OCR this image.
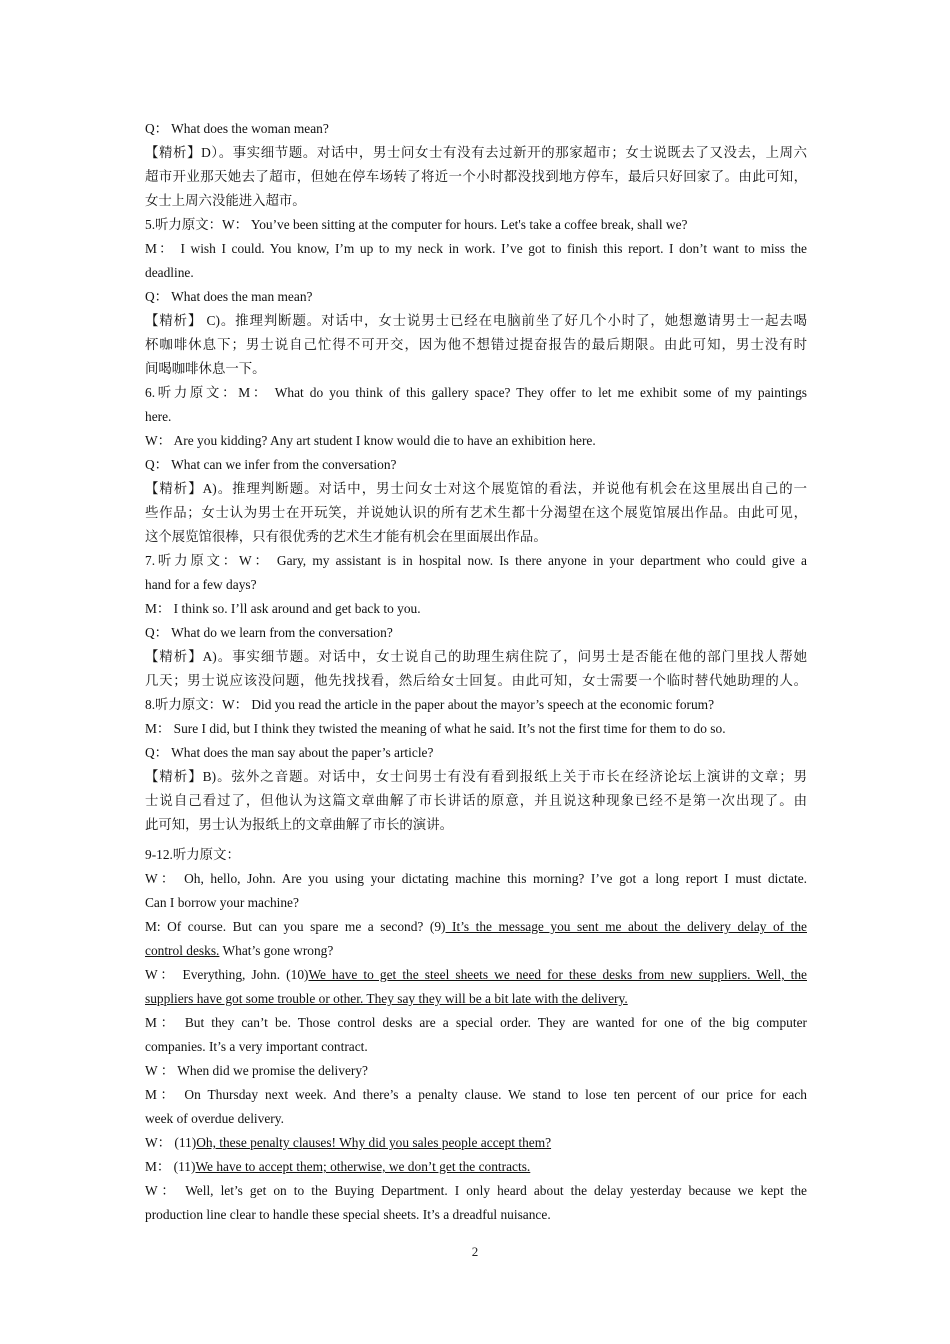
Q： What does the woman mean?
【精析】D）。事实细节题。对话中，男士问女士有没有去过新开的那家超市；女士说既去了又没去，上周六
超市开业那天她去了超市，但她在停车场转了将近一个小时都没找到地方停车，最后只好回家了。由此可知，
女士上周六没能进入超市。
5.听力原文：W： You’ve been sitting at the computer for hours. Let's take a coffee break, shall we?
M： I wish I could. You know, I’m up to my neck in work. I’ve got to finish this report. I don’t want to miss the
deadline.
Q： What does the man mean?
【精析】 C)。推理判断题。对话中，女士说男士已经在电脑前坐了好几个小时了，她想邀请男士一起去喝
杯咖啡休息下；男士说自己忙得不可开交，因为他不想错过提奋报告的最后期限。由此可知，男士没有时
间喝咖啡休息一下。
6.听力原文：M： What do you think of this gallery space? They offer to let me exhibit some of my paintings
here.
W： Are you kidding? Any art student I know would die to have an exhibition here.
Q： What can we infer from the conversation?
【精析】A)。推理判断题。对话中，男士问女士对这个展览馆的看法，并说他有机会在这里展出自己的一
些作品；女士认为男士在开玩笑，并说她认识的所有艺术生都十分渴望在这个展览馆展出作品。由此可见，
这个展览馆很棒，只有很优秀的艺术生才能有机会在里面展出作品。
7.听力原文：W： Gary, my assistant is in hospital now. Is there anyone in your department who could give a
hand for a few days?
M： I think so. I’ll ask around and get back to you.
Q： What do we learn from the conversation?
【精析】A)。事实细节题。对话中，女士说自己的助理生病住院了，问男士是否能在他的部门里找人帮她
几天；男士说应该没问题，他先找找看，然后给女士回复。由此可知，女士需要一个临时替代她助理的人。
8.听力原文：W： Did you read the article in the paper about the mayor’s speech at the economic forum?
M： Sure I did, but I think they twisted the meaning of what he said. It’s not the first time for them to do so.
Q： What does the man say about the paper’s article?
【精析】B)。弦外之音题。对话中，女士问男士有没有看到报纸上关于市长在经济论坛上演讲的文章；男
士说自己看过了，但他认为这篇文章曲解了市长讲话的原意，并且说这种现象已经不是第一次出现了。由
此可知，男士认为报纸上的文章曲解了市长的演讲。
9-12.听力原文：
W： Oh, hello, John. Are you using your dictating machine this morning? I’ve got a long report I must dictate.
Can I borrow your machine?
M: Of course. But can you spare me a second? (9) It’s the message you sent me about the delivery delay of the
control desks. What’s gone wrong?
W： Everything, John. (10)We have to get the steel sheets we need for these desks from new suppliers. Well, the
suppliers have got some trouble or other. They say they will be a bit late with the delivery.
M： But they can’t be. Those control desks are a special order. They are wanted for one of the big computer
companies. It’s a very important contract.
W ： When did we promise the delivery?
M： On Thursday next week. And there’s a penalty clause. We stand to lose ten percent of our price for each
week of overdue delivery.
W： (11)Oh, these penalty clauses! Why did you sales people accept them?
M： (11)We have to accept them; otherwise, we don’t get the contracts.
W： Well, let’s get on to the Buying Department. I only heard about the delay yesterday because we kept the
production line clear to handle these special sheets. It’s a dreadful nuisance.
2
